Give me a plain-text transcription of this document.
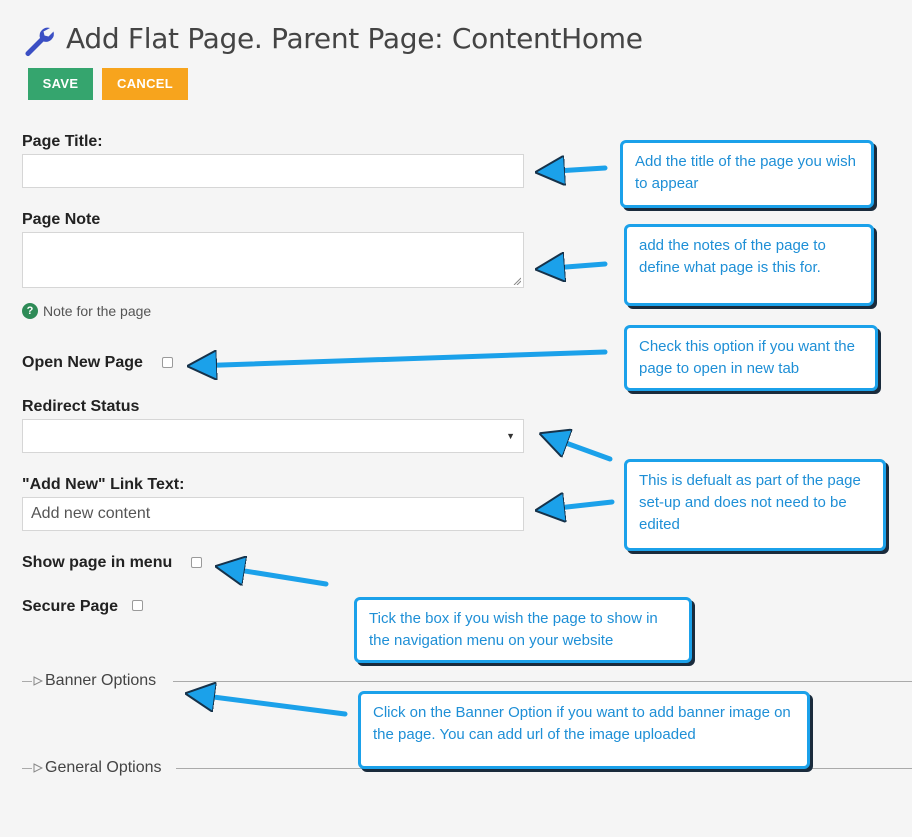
Add Flat Page. Parent Page: ContentHome
SAVE	CANCEL
Page Title:
Page Note
? Note for the page
Open New Page
Redirect Status
▼
"Add New" Link Text:
Add new content
Show page in menu
Secure Page
Banner Options
General Options
Add the title of the page you wish to appear
add the notes of the page to define what page is this for.
Check this option if you want the page to open in new tab
This is defualt as part of the page set-up and does not need to be edited
Tick the box if you wish the page to show in the navigation menu on your website
Click on the Banner Option if you want to add banner image on the page. You can add url of the image uploaded
